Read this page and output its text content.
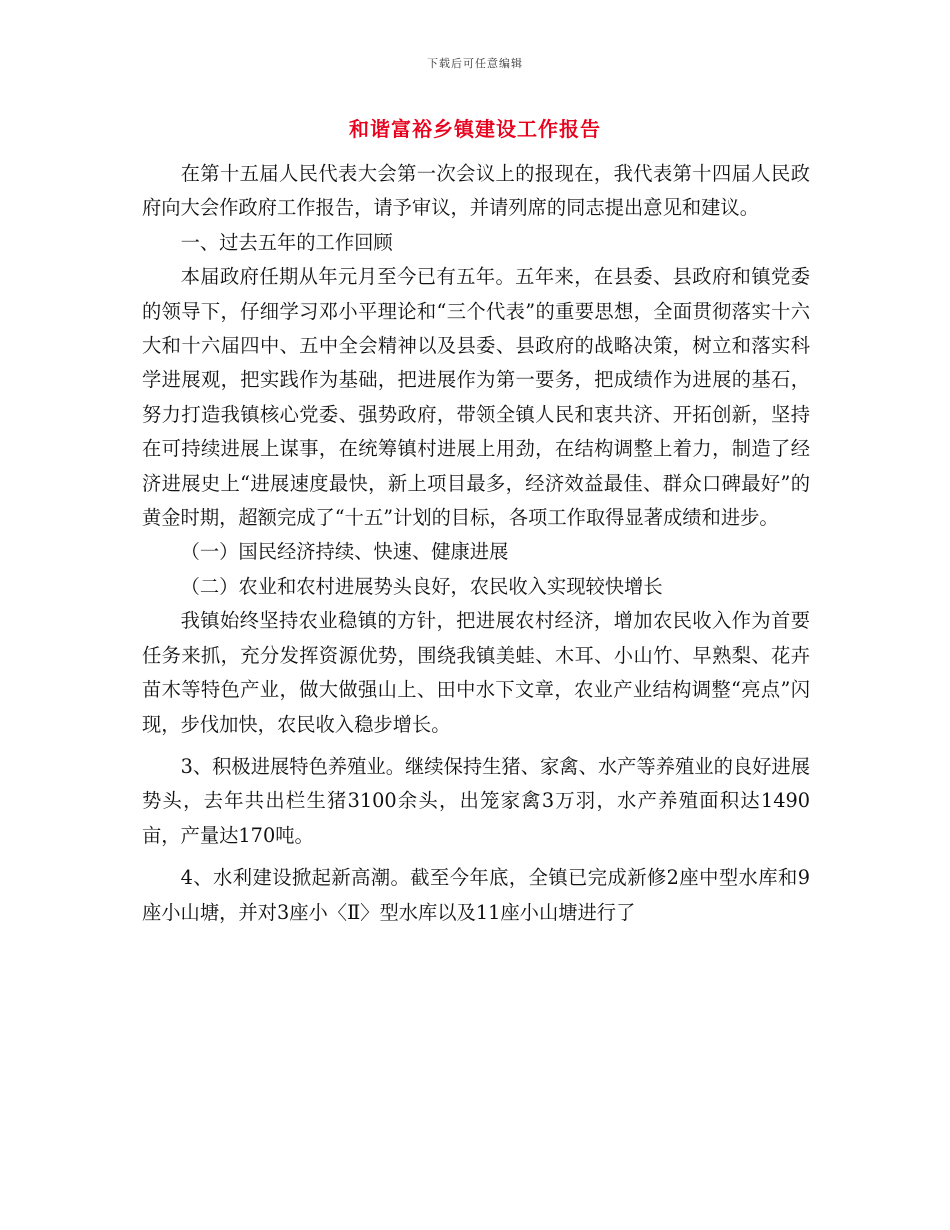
下载后可任意编辑
和谐富裕乡镇建设工作报告

在第十五届人民代表大会第一次会议上的报现在，我代表第十四届人民政府向大会作政府工作报告，请予审议，并请列席的同志提出意见和建议。

一、过去五年的工作回顾

本届政府任期从年元月至今已有五年。五年来，在县委、县政府和镇党委的领导下，仔细学习邓小平理论和“三个代表”的重要思想，全面贯彻落实十六大和十六届四中、五中全会精神以及县委、县政府的战略决策，树立和落实科学进展观，把实践作为基础，把进展作为第一要务，把成绩作为进展的基石，努力打造我镇核心党委、强势政府，带领全镇人民和衷共济、开拓创新，坚持在可持续进展上谋事，在统筹镇村进展上用劲，在结构调整上着力，制造了经济进展史上“进展速度最快，新上项目最多，经济效益最佳、群众口碑最好”的黄金时期，超额完成了“十五”计划的目标，各项工作取得显著成绩和进步。

（一）国民经济持续、快速、健康进展

（二）农业和农村进展势头良好，农民收入实现较快增长

我镇始终坚持农业稳镇的方针，把进展农村经济，增加农民收入作为首要任务来抓，充分发挥资源优势，围绕我镇美蛙、木耳、小山竹、早熟梨、花卉苗木等特色产业，做大做强山上、田中水下文章，农业产业结构调整“亮点”闪现，步伐加快，农民收入稳步增长。

3、积极进展特色养殖业。继续保持生猪、家禽、水产等养殖业的良好进展势头，去年共出栏生猪3100余头，出笼家禽3万羽，水产养殖面积达1490亩，产量达170吨。

4、水利建设掀起新高潮。截至今年底，全镇已完成新修2座中型水库和9座小山塘，并对3座小〈Ⅱ〉型水库以及11座小山塘进行了
